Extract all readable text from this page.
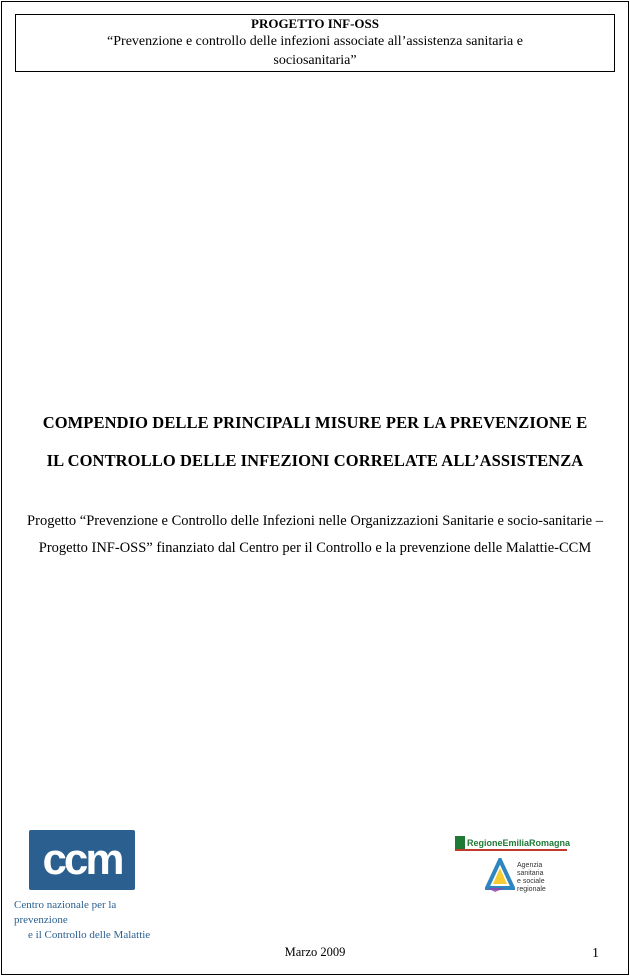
PROGETTO INF-OSS
“Prevenzione e controllo delle infezioni associate all’assistenza sanitaria e sociosanitaria”
COMPENDIO DELLE PRINCIPALI MISURE PER LA PREVENZIONE E
IL CONTROLLO DELLE INFEZIONI CORRELATE ALL’ASSISTENZA
Progetto “Prevenzione e Controllo delle Infezioni nelle Organizzazioni Sanitarie e socio-sanitarie – Progetto INF-OSS” finanziato dal Centro per il Controllo e la prevenzione delle Malattie-CCM
ccm
Centro nazionale per la prevenzione
e il Controllo delle Malattie
RegioneEmiliaRomagna
Agenzia
sanitaria
e sociale
regionale
Marzo 2009	1
